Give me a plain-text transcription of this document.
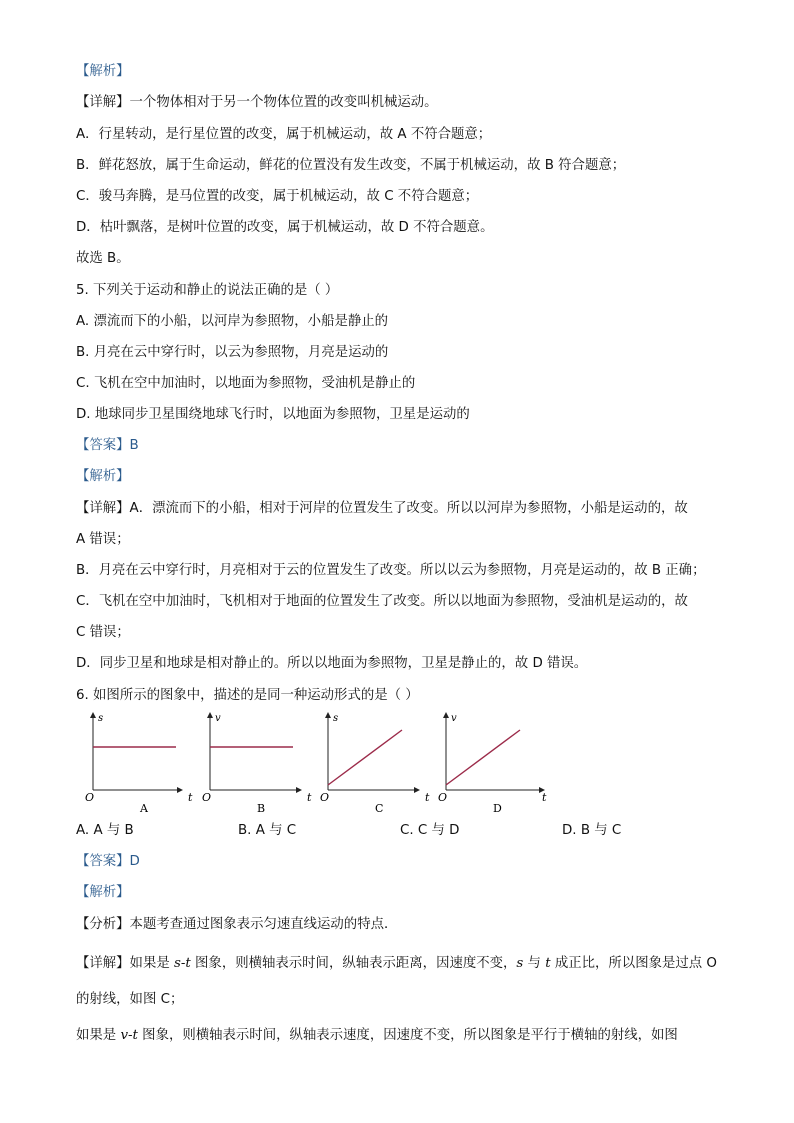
【解析】
【详解】一个物体相对于另一个物体位置的改变叫机械运动。
A．行星转动，是行星位置的改变，属于机械运动，故 A 不符合题意；
B．鲜花怒放，属于生命运动，鲜花的位置没有发生改变，不属于机械运动，故 B 符合题意；
C．骏马奔腾，是马位置的改变，属于机械运动，故 C 不符合题意；
D．枯叶飘落，是树叶位置的改变，属于机械运动，故 D 不符合题意。
故选 B。
5. 下列关于运动和静止的说法正确的是（ ）
A. 漂流而下的小船，以河岸为参照物，小船是静止的
B. 月亮在云中穿行时，以云为参照物，月亮是运动的
C. 飞机在空中加油时，以地面为参照物，受油机是静止的
D. 地球同步卫星围绕地球飞行时，以地面为参照物，卫星是运动的
【答案】B
【解析】
【详解】A．漂流而下的小船，相对于河岸的位置发生了改变。所以以河岸为参照物，小船是运动的，故
A 错误；
B．月亮在云中穿行时，月亮相对于云的位置发生了改变。所以以云为参照物，月亮是运动的，故 B 正确；
C．飞机在空中加油时，飞机相对于地面的位置发生了改变。所以以地面为参照物，受油机是运动的，故
C 错误；
D．同步卫星和地球是相对静止的。所以以地面为参照物，卫星是静止的，故 D 错误。
6. 如图所示的图象中，描述的是同一种运动形式的是（ ）
s
t
O
A
v
t
O
B
s
t
O
C
v
t
O
D
A. A 与 B	B. A 与 C	C. C 与 D	D. B 与 C
【答案】D
【解析】
【分析】本题考查通过图象表示匀速直线运动的特点．
【详解】如果是 s-t 图象，则横轴表示时间，纵轴表示距离，因速度不变，s 与 t 成正比，所以图象是过点 O
的射线，如图 C；
如果是 v-t 图象，则横轴表示时间，纵轴表示速度，因速度不变，所以图象是平行于横轴的射线，如图
